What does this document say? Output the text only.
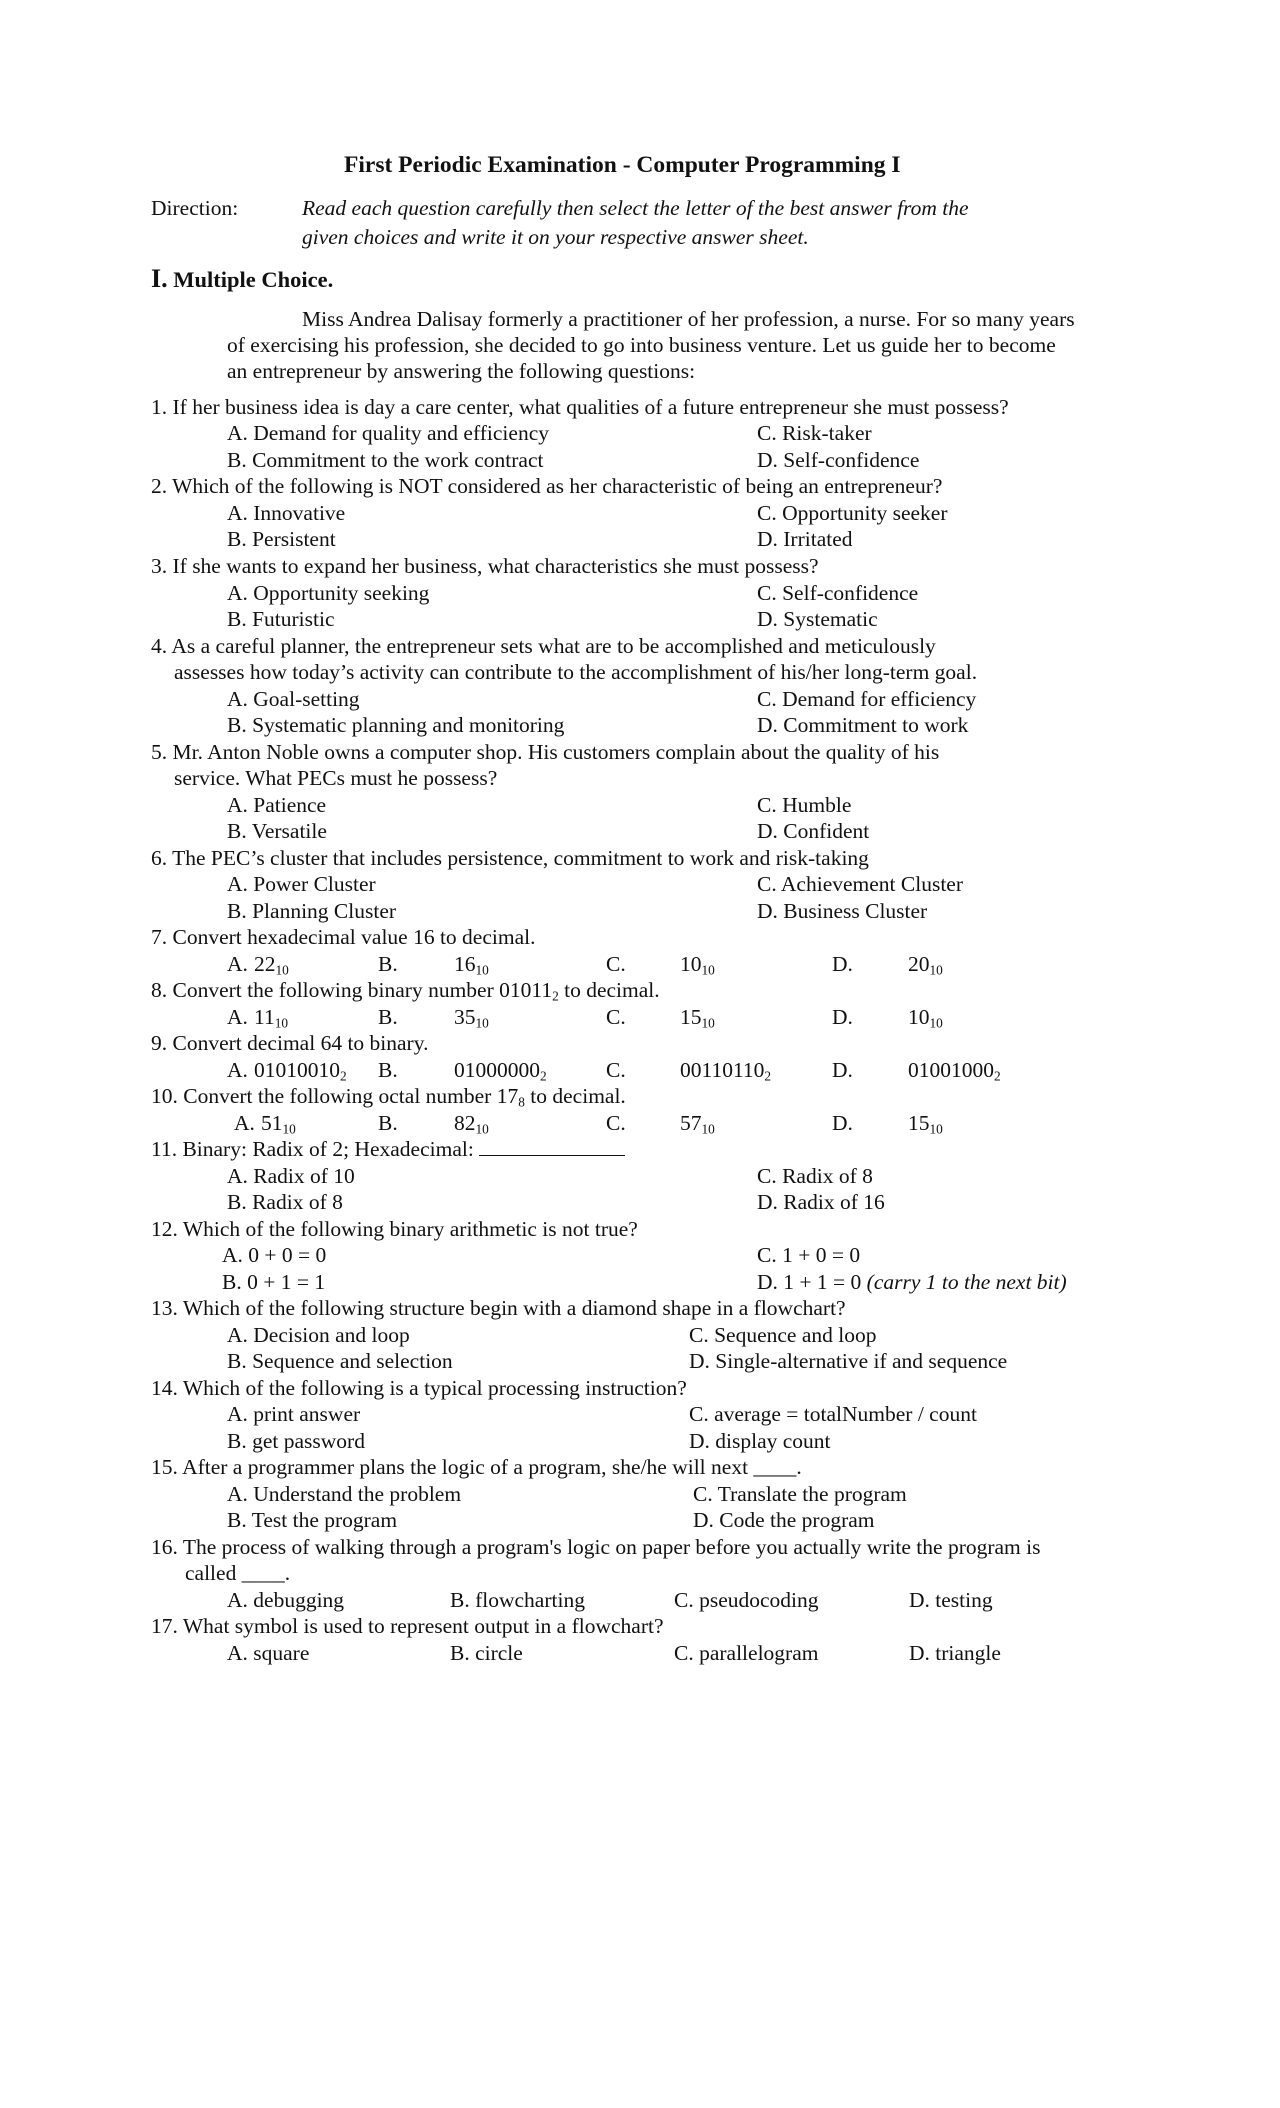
First Periodic Examination - Computer Programming I
Direction:	Read each question carefully then select the letter of the best answer from the
given choices and write it on your respective answer sheet.
I. Multiple Choice.
Miss Andrea Dalisay formerly a practitioner of her profession, a nurse. For so many years
of exercising his profession, she decided to go into business venture. Let us guide her to become
an entrepreneur by answering the following questions:
1. If her business idea is day a care center, what qualities of a future entrepreneur she must possess?
A. Demand for quality and efficiency	C. Risk-taker
B. Commitment to the work contract	D. Self-confidence
2. Which of the following is NOT considered as her characteristic of being an entrepreneur?
A. Innovative	C. Opportunity seeker
B. Persistent	D. Irritated
3. If she wants to expand her business, what characteristics she must possess?
A. Opportunity seeking	C. Self-confidence
B. Futuristic	D. Systematic
4. As a careful planner, the entrepreneur sets what are to be accomplished and meticulously
assesses how today’s activity can contribute to the accomplishment of his/her long-term goal.
A. Goal-setting	C. Demand for efficiency
B. Systematic planning and monitoring	D. Commitment to work
5. Mr. Anton Noble owns a computer shop. His customers complain about the quality of his
service. What PECs must he possess?
A. Patience	C. Humble
B. Versatile	D. Confident
6. The PEC’s cluster that includes persistence, commitment to work and risk-taking
A. Power Cluster	C. Achievement Cluster
B. Planning Cluster	D. Business Cluster
7. Convert hexadecimal value 16 to decimal.
A. $22_{10}$	B.	$16_{10}$	C.	$10_{10}$	D.	$20_{10}$
8. Convert the following binary number $01011_2$ to decimal.
A. $11_{10}$	B.	$35_{10}$	C.	$15_{10}$	D.	$10_{10}$
9. Convert decimal 64 to binary.
A. $01010010_2$ B.	$01000000_2$	C.	$00110110_2$	D.	$01001000_2$
10. Convert the following octal number $17_8$ to decimal.
A. $51_{10}$	B.	$82_{10}$	C.	$57_{10}$	D.	$15_{10}$
11. Binary: Radix of 2; Hexadecimal:
A. Radix of 10	C. Radix of 8
B. Radix of 8	D. Radix of 16
12. Which of the following binary arithmetic is not true?
A. 0 + 0 = 0	C. 1 + 0 = 0
B. 0 + 1 = 1	D. 1 + 1 = 0 (carry 1 to the next bit)
13. Which of the following structure begin with a diamond shape in a flowchart?
A. Decision and loop	C. Sequence and loop
B. Sequence and selection	D. Single-alternative if and sequence
14. Which of the following is a typical processing instruction?
A. print answer	C. average = totalNumber / count
B. get password	D. display count
15. After a programmer plans the logic of a program, she/he will next ____.
A. Understand the problem	C. Translate the program
B. Test the program	D. Code the program
16. The process of walking through a program's logic on paper before you actually write the program is
called ____.
A. debugging	B. flowcharting	C. pseudocoding	D. testing
17. What symbol is used to represent output in a flowchart?
A. square	B. circle	C. parallelogram	D. triangle
